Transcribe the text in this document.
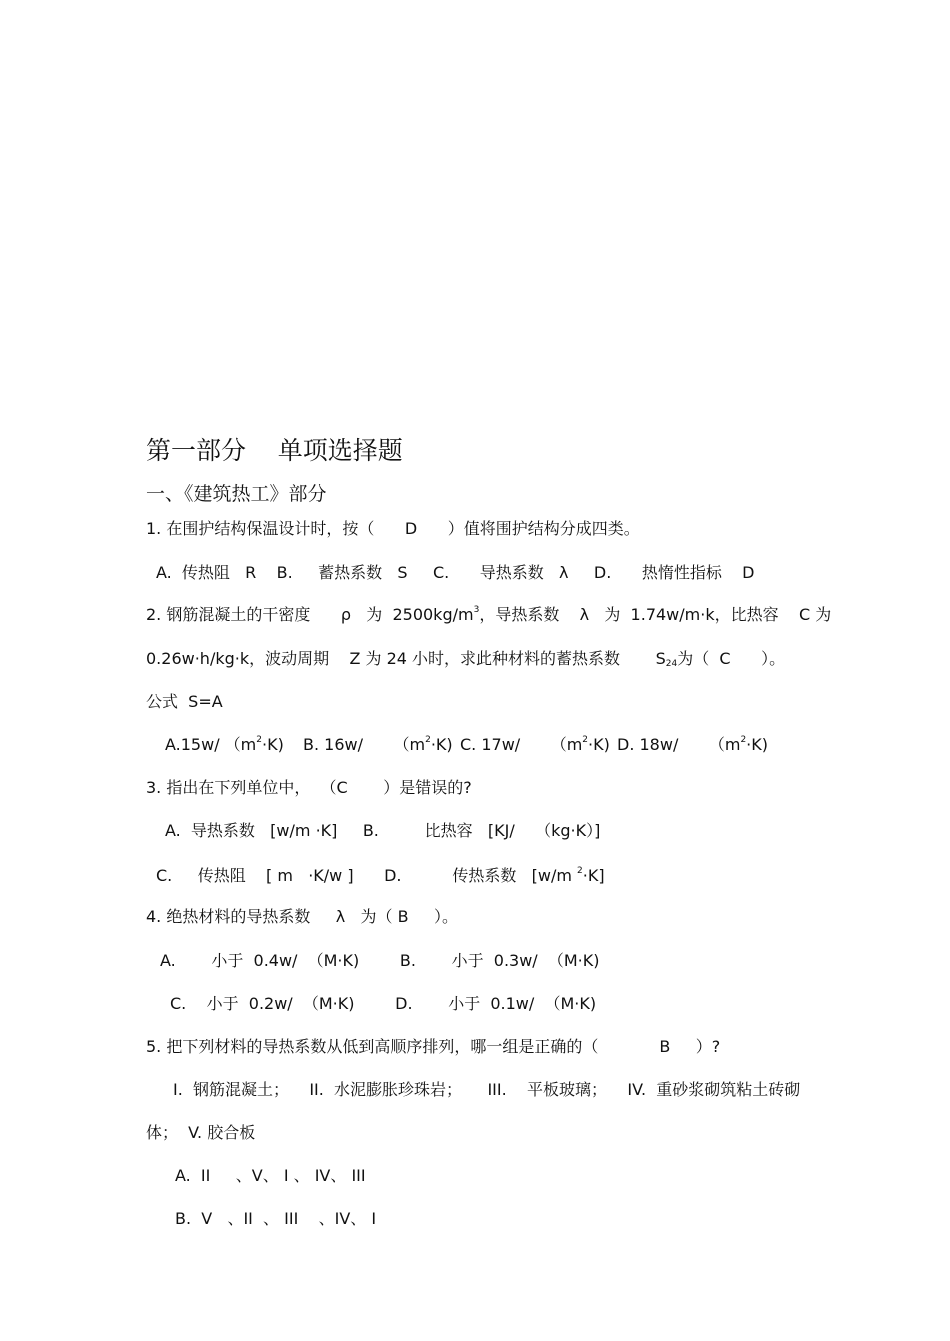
第一部分    单项选择题
一、《建筑热工》部分
1. 在围护结构保温设计时，按（      D      ）值将围护结构分成四类。
A.  传热阻   R    B.     蓄热系数   S     C.      导热系数   λ     D.      热惰性指标    D
2. 钢筋混凝土的干密度      ρ   为  $2500kg/m^3$，导热系数    λ   为  1.74w/m·k，比热容    C 为
0.26w·h/kg·k，波动周期    Z 为 24 小时，求此种材料的蓄热系数       $S_{24}$为（  C      ）。
公式  S=A
A.15w/ $(m^2\cdot K)$ B. 16w/      $(m^2\cdot K)$ C. 17w/      $(m^2\cdot K)$ D. 18w/      $(m^2\cdot K)$
3. 指出在下列单位中，  （C       ）是错误的?
A.  导热系数   [w/m ·K]     B.         比热容   [KJ/    （kg·K）]
C.     传热阻    [ m   ·K/w ]      D.          传热系数   [w/m $^2$·K]
4. 绝热材料的导热系数     λ   为（ B     ）。
A.       小于  0.4w/  （M·K)        B.       小于  0.3w/  （M·K)
C.    小于  0.2w/  （M·K)        D.       小于  0.1w/  （M·K)
5. 把下列材料的导热系数从低到高顺序排列，哪一组是正确的（            B     ）?
I.  钢筋混凝土；    II.  水泥膨胀珍珠岩；     III.    平板玻璃；    IV.  重砂浆砌筑粘土砖砌
体；  V. 胶合板
A.  II     、V、 I 、 IV、 III
B.  V   、II  、 III    、IV、 I
